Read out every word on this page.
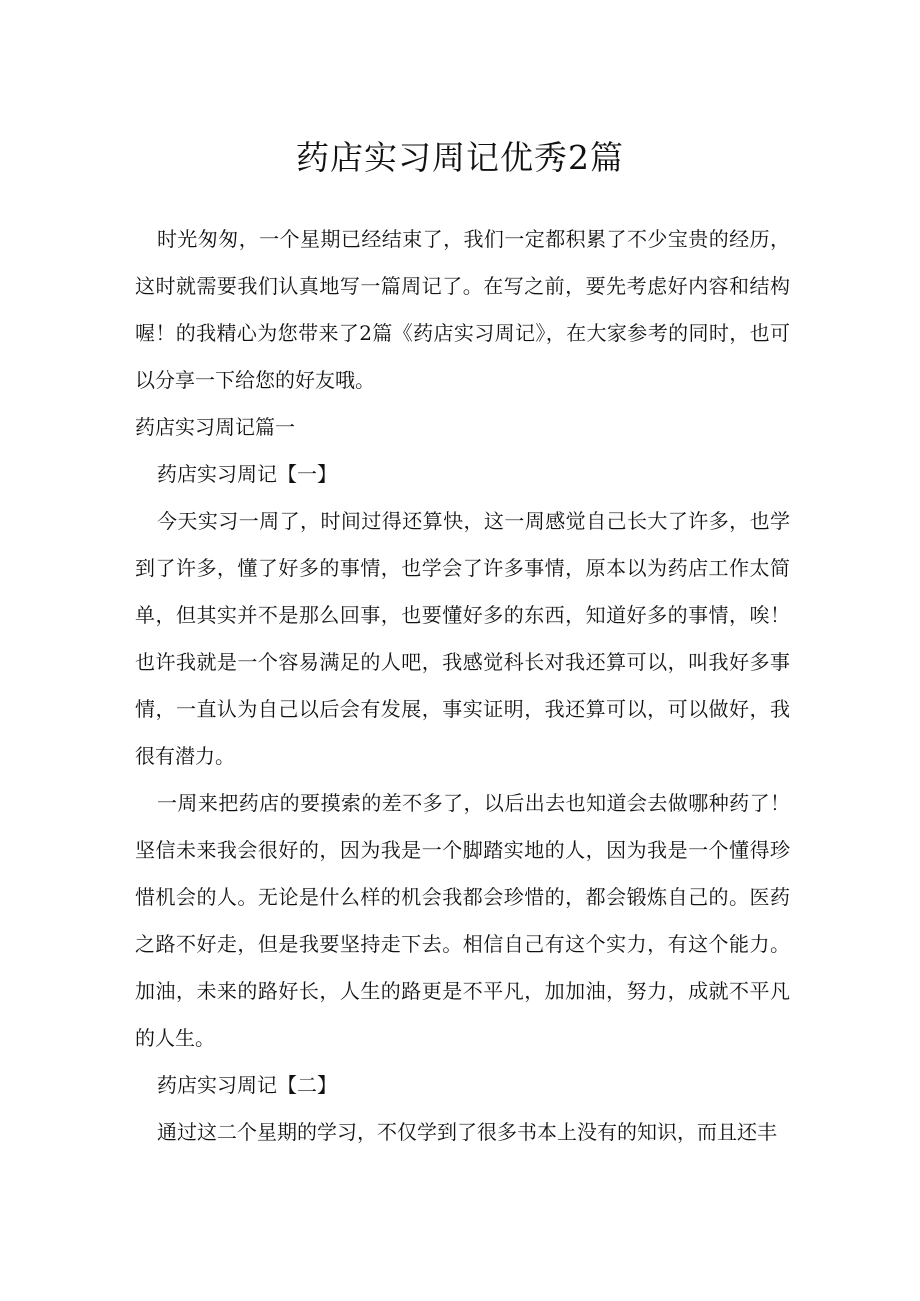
药店实习周记优秀2篇

时光匆匆，一个星期已经结束了，我们一定都积累了不少宝贵的经历，这时就需要我们认真地写一篇周记了。在写之前，要先考虑好内容和结构喔！的我精心为您带来了2篇《药店实习周记》，在大家参考的同时，也可以分享一下给您的好友哦。

药店实习周记篇一

药店实习周记【一】

今天实习一周了，时间过得还算快，这一周感觉自己长大了许多，也学到了许多，懂了好多的事情，也学会了许多事情，原本以为药店工作太简单，但其实并不是那么回事，也要懂好多的东西，知道好多的事情，唉！也许我就是一个容易满足的人吧，我感觉科长对我还算可以，叫我好多事情，一直认为自己以后会有发展，事实证明，我还算可以，可以做好，我很有潜力。

一周来把药店的要摸索的差不多了，以后出去也知道会去做哪种药了！坚信未来我会很好的，因为我是一个脚踏实地的人，因为我是一个懂得珍惜机会的人。无论是什么样的机会我都会珍惜的，都会锻炼自己的。医药之路不好走，但是我要坚持走下去。相信自己有这个实力，有这个能力。加油，未来的路好长，人生的路更是不平凡，加加油，努力，成就不平凡的人生。

药店实习周记【二】

通过这二个星期的学习，不仅学到了很多书本上没有的知识，而且还丰
